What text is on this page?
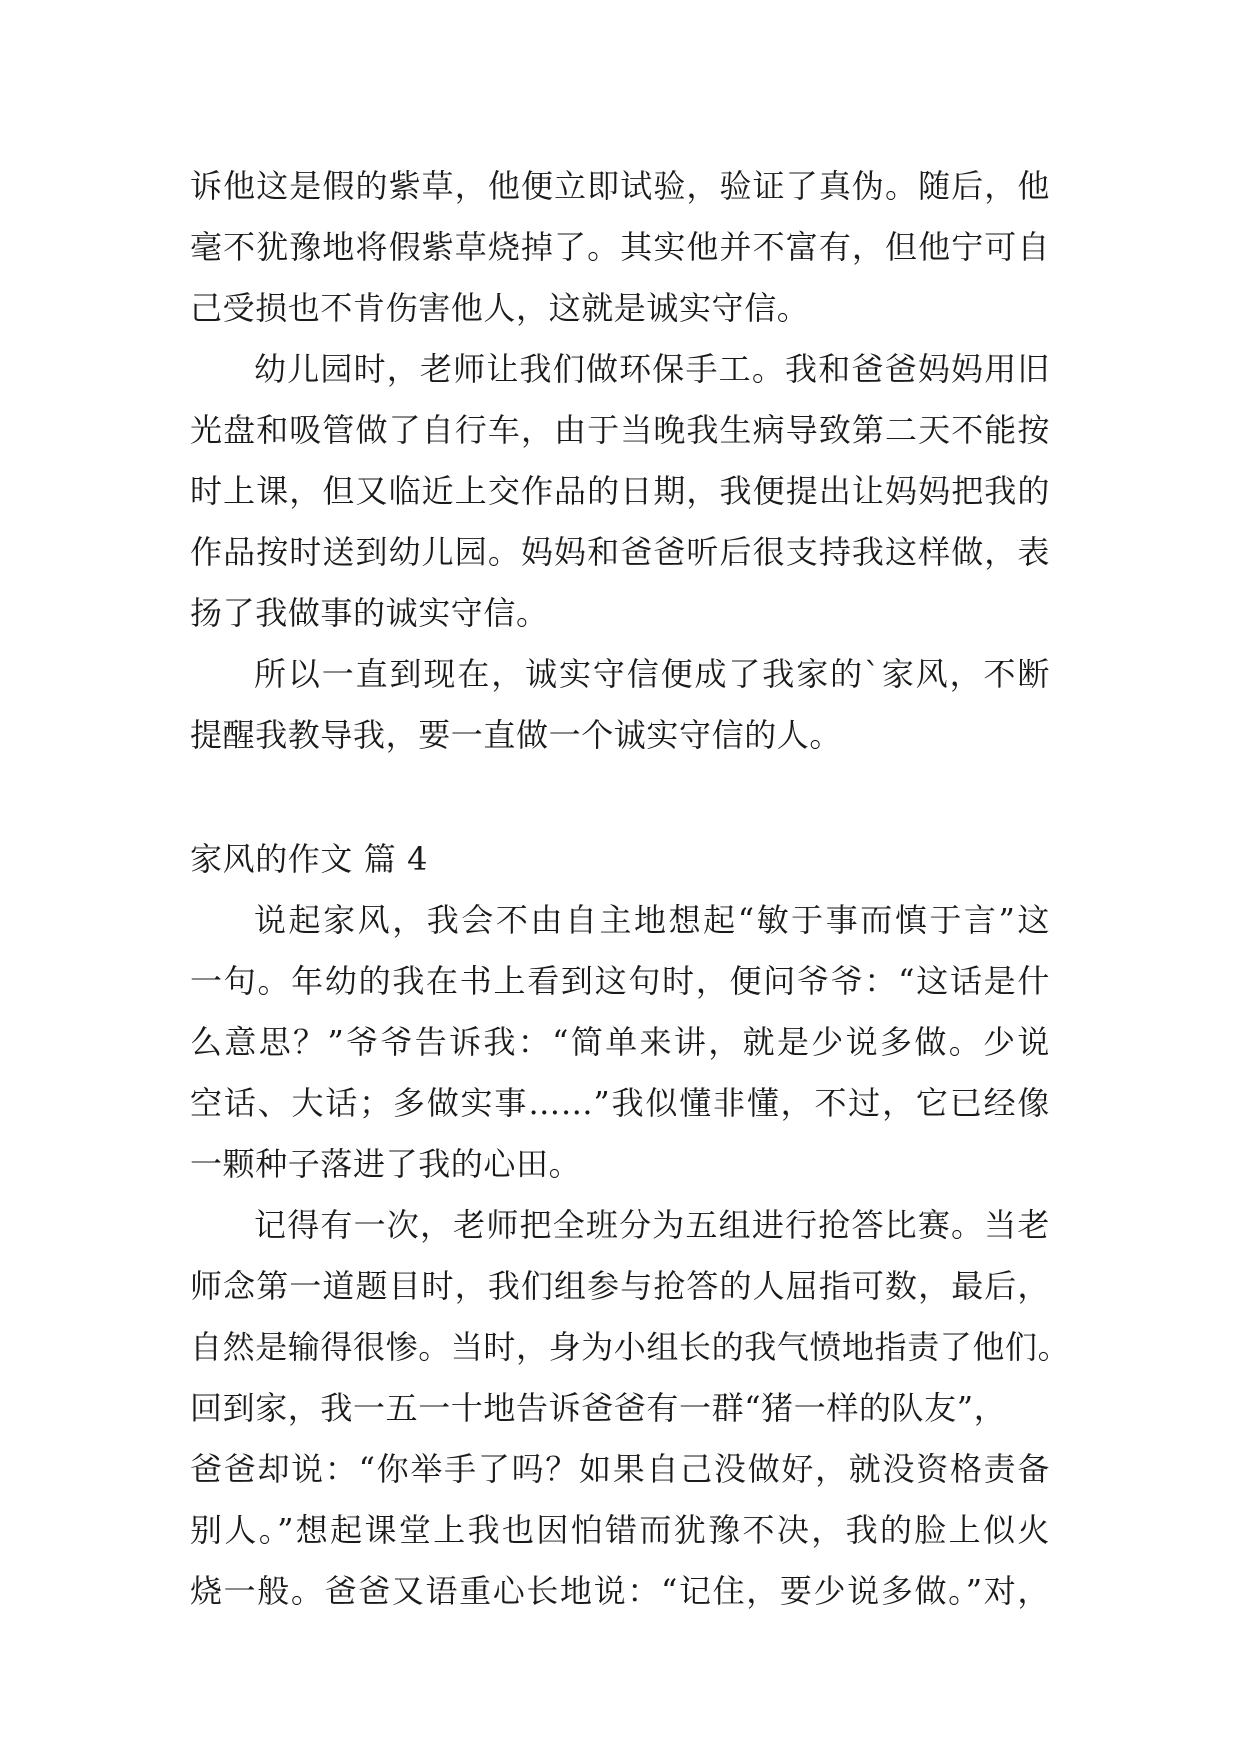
诉他这是假的紫草，他便立即试验，验证了真伪。随后，他
毫不犹豫地将假紫草烧掉了。其实他并不富有，但他宁可自
己受损也不肯伤害他人，这就是诚实守信。
幼儿园时，老师让我们做环保手工。我和爸爸妈妈用旧
光盘和吸管做了自行车，由于当晚我生病导致第二天不能按
时上课，但又临近上交作品的日期，我便提出让妈妈把我的
作品按时送到幼儿园。妈妈和爸爸听后很支持我这样做，表
扬了我做事的诚实守信。
所以一直到现在，诚实守信便成了我家的`家风，不断
提醒我教导我，要一直做一个诚实守信的人。
家风的作文 篇 4
说起家风，我会不由自主地想起“敏于事而慎于言”这
一句。年幼的我在书上看到这句时，便问爷爷：“这话是什
么意思？”爷爷告诉我：“简单来讲，就是少说多做。少说
空话、大话；多做实事……”我似懂非懂，不过，它已经像
一颗种子落进了我的心田。
记得有一次，老师把全班分为五组进行抢答比赛。当老
师念第一道题目时，我们组参与抢答的人屈指可数，最后，
自然是输得很惨。当时，身为小组长的我气愤地指责了他们。
回到家，我一五一十地告诉爸爸有一群“猪一样的队友”，
爸爸却说：“你举手了吗？如果自己没做好，就没资格责备
别人。”想起课堂上我也因怕错而犹豫不决，我的脸上似火
烧一般。爸爸又语重心长地说：“记住，要少说多做。”对，
